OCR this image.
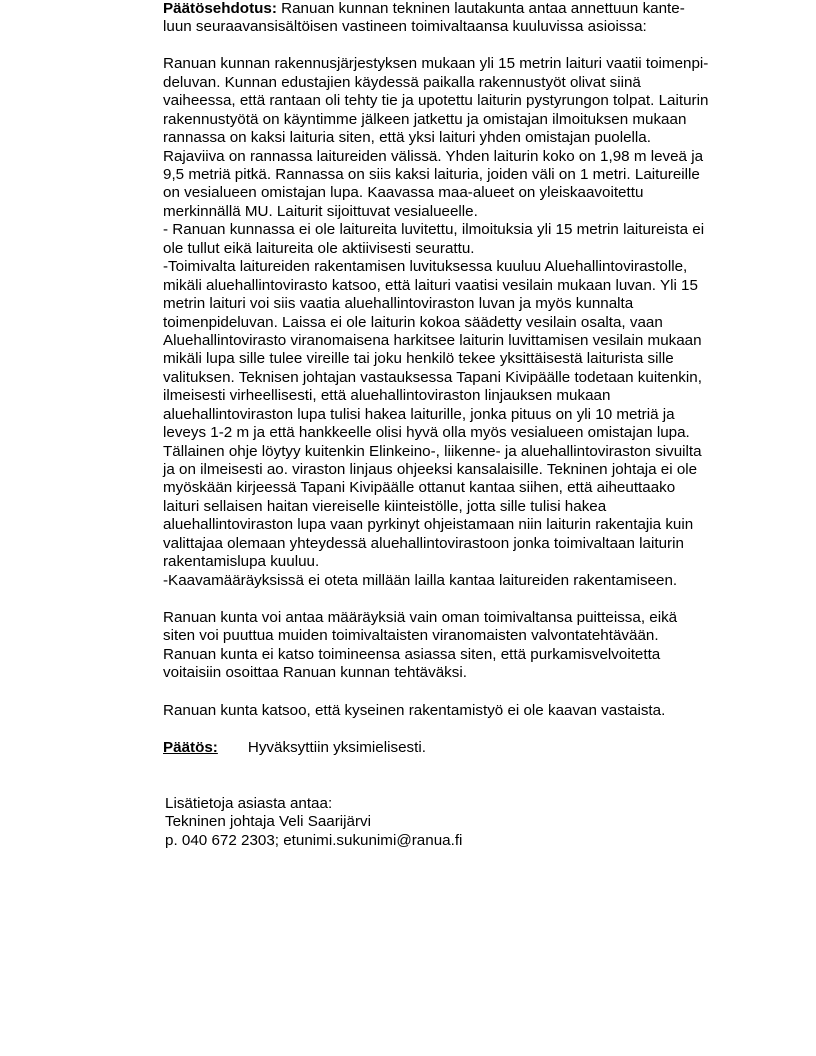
Päätösehdotus: Ranuan kunnan tekninen lautakunta antaa annettuun kante-
luun seuraavansisältöisen vastineen toimivaltaansa kuuluvissa asioissa:
Ranuan kunnan rakennusjärjestyksen mukaan yli 15 metrin laituri vaatii toimenpi-
deluvan. Kunnan edustajien käydessä paikalla rakennustyöt olivat siinä
vaiheessa, että rantaan oli tehty tie ja upotettu laiturin pystyrungon tolpat. Laiturin
rakennustyötä on käyntimme jälkeen jatkettu ja omistajan ilmoituksen mukaan
rannassa on kaksi laituria siten, että yksi laituri yhden omistajan puolella.
Rajaviiva on rannassa laitureiden välissä. Yhden laiturin koko on 1,98 m leveä ja
9,5 metriä pitkä. Rannassa on siis kaksi laituria, joiden väli on 1 metri. Laitureille
on vesialueen omistajan lupa. Kaavassa maa-alueet on yleiskaavoitettu
merkinnällä MU. Laiturit sijoittuvat vesialueelle.
- Ranuan kunnassa ei ole laitureita luvitettu, ilmoituksia yli 15 metrin laitureista ei
ole tullut eikä laitureita ole aktiivisesti seurattu.
-Toimivalta laitureiden rakentamisen luvituksessa kuuluu Aluehallintovirastolle,
mikäli aluehallintovirasto katsoo, että laituri vaatisi vesilain mukaan luvan. Yli 15
metrin laituri voi siis vaatia aluehallintoviraston luvan ja myös kunnalta
toimenpideluvan. Laissa ei ole laiturin kokoa säädetty vesilain osalta, vaan
Aluehallintovirasto viranomaisena harkitsee laiturin luvittamisen vesilain mukaan
mikäli lupa sille tulee vireille tai joku henkilö tekee yksittäisestä laiturista sille
valituksen. Teknisen johtajan vastauksessa Tapani Kivipäälle todetaan kuitenkin,
ilmeisesti virheellisesti, että aluehallintoviraston linjauksen mukaan
aluehallintoviraston lupa tulisi hakea laiturille, jonka pituus on yli 10 metriä ja
leveys 1-2 m ja että hankkeelle olisi hyvä olla myös vesialueen omistajan lupa.
Tällainen ohje löytyy kuitenkin Elinkeino-, liikenne- ja aluehallintoviraston sivuilta
ja on ilmeisesti ao. viraston linjaus ohjeeksi kansalaisille. Tekninen johtaja ei ole
myöskään kirjeessä Tapani Kivipäälle ottanut kantaa siihen, että aiheuttaako
laituri sellaisen haitan viereiselle kiinteistölle, jotta sille tulisi hakea
aluehallintoviraston lupa vaan pyrkinyt ohjeistamaan niin laiturin rakentajia kuin
valittajaa olemaan yhteydessä aluehallintovirastoon jonka toimivaltaan laiturin
rakentamislupa kuuluu.
-Kaavamääräyksissä ei oteta millään lailla kantaa laitureiden rakentamiseen.
Ranuan kunta voi antaa määräyksiä vain oman toimivaltansa puitteissa, eikä
siten voi puuttua muiden toimivaltaisten viranomaisten valvontatehtävään.
Ranuan kunta ei katso toimineensa asiassa siten, että purkamisvelvoitetta
voitaisiin osoittaa Ranuan kunnan tehtäväksi.
Ranuan kunta katsoo, että kyseinen rakentamistyö ei ole kaavan vastaista.
Päätös: Hyväksyttiin yksimielisesti.
Lisätietoja asiasta antaa:
Tekninen johtaja Veli Saarijärvi
p. 040 672 2303; etunimi.sukunimi@ranua.fi
